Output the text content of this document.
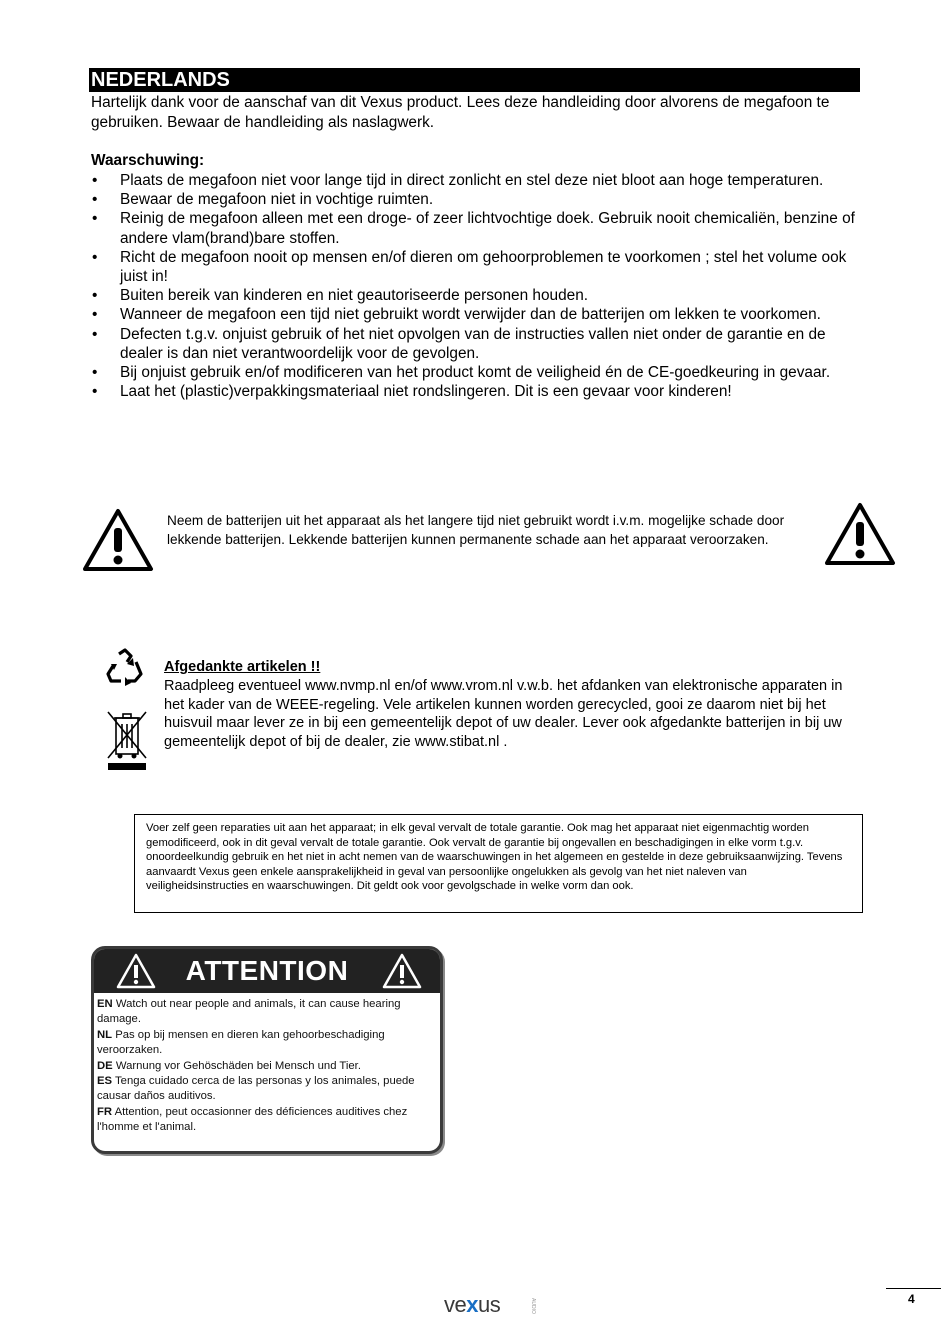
NEDERLANDS
Hartelijk dank voor de aanschaf van dit Vexus product. Lees deze handleiding door alvorens de megafoon te gebruiken. Bewaar de handleiding als naslagwerk.
Waarschuwing:
• Plaats de megafoon niet voor lange tijd in direct zonlicht en stel deze niet bloot aan hoge temperaturen.
• Bewaar de megafoon niet in vochtige ruimten.
• Reinig de megafoon alleen met een droge- of zeer lichtvochtige doek. Gebruik nooit chemicaliën, benzine of andere vlam(brand)bare stoffen.
• Richt de megafoon nooit op mensen en/of dieren om gehoorproblemen te voorkomen ; stel het volume ook juist in!
• Buiten bereik van kinderen en niet geautoriseerde personen houden.
• Wanneer de megafoon een tijd niet gebruikt wordt verwijder dan de batterijen om lekken te voorkomen.
• Defecten t.g.v. onjuist gebruik of het niet opvolgen van de instructies vallen niet onder de garantie en de dealer is dan niet verantwoordelijk voor de gevolgen.
• Bij onjuist gebruik en/of modificeren van het product komt de veiligheid én de CE-goedkeuring in gevaar.
• Laat het (plastic)verpakkingsmateriaal niet rondslingeren. Dit is een gevaar voor kinderen!
Neem de batterijen uit het apparaat als het langere tijd niet gebruikt wordt i.v.m. mogelijke schade door lekkende batterijen. Lekkende batterijen kunnen permanente schade aan het apparaat veroorzaken.
Afgedankte artikelen !!
Raadpleeg eventueel www.nvmp.nl en/of www.vrom.nl v.w.b. het afdanken van elektronische apparaten in het kader van de WEEE-regeling. Vele artikelen kunnen worden gerecycled, gooi ze daarom niet bij het huisvuil maar lever ze in bij een gemeentelijk depot of uw dealer. Lever ook afgedankte batterijen in bij uw gemeentelijk depot of bij de dealer, zie www.stibat.nl .
Voer zelf geen reparaties uit aan het apparaat; in elk geval vervalt de totale garantie. Ook mag het apparaat niet eigenmachtig worden gemodificeerd, ook in dit geval vervalt de totale garantie. Ook vervalt de garantie bij ongevallen en beschadigingen in elke vorm t.g.v. onoordeelkundig gebruik en het niet in acht nemen van de waarschuwingen in het algemeen en gestelde in deze gebruiksaanwijzing. Tevens aanvaardt Vexus geen enkele aansprakelijkheid in geval van persoonlijke ongelukken als gevolg van het niet naleven van veiligheidsinstructies en waarschuwingen. Dit geldt ook voor gevolgschade in welke vorm dan ook.
ATTENTION
EN Watch out near people and animals, it can cause hearing damage.
NL Pas op bij mensen en dieren kan gehoorbeschadiging veroorzaken.
DE Warnung vor Gehöschäden bei Mensch und Tier.
ES Tenga cuidado cerca de las personas y los animales, puede causar daños auditivos.
FR Attention, peut occasionner des déficiences auditives chez l'homme et l'animal.
vexus	AUDIO	4
